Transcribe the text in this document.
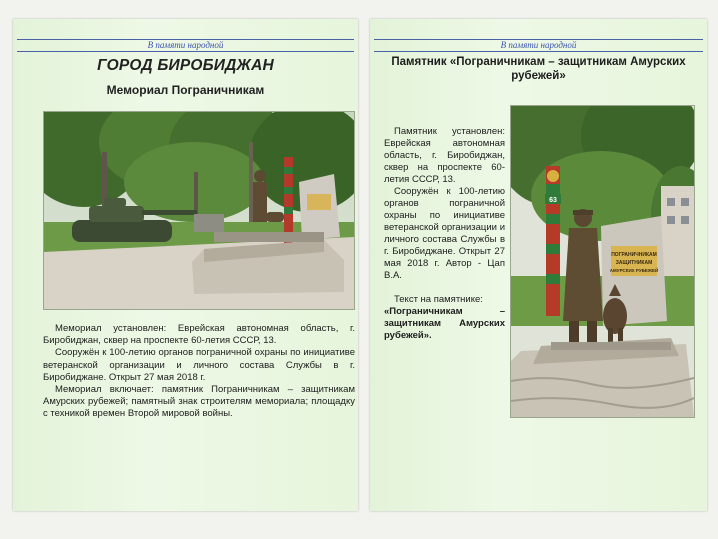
В памяти народной
ГОРОД БИРОБИДЖАН
Мемориал Пограничникам

Мемориал установлен: Еврейская автономная область, г. Биробиджан, сквер на проспекте 60-летия СССР, 13.

Сооружён к 100-летию органов пограничной охраны по инициативе ветеранской организации и личного состава Службы в г. Биробиджане. Открыт 27 мая 2018 г.

Мемориал включает: памятник Пограничникам – защитникам Амурских рубежей; памятный знак строителям мемориала; площадку с техникой времен Второй мировой войны.

В памяти народной
Памятник «Пограничникам – защитникам Амурских рубежей»

Памятник установлен: Еврейская автономная область, г. Биробиджан, сквер на проспекте 60-летия СССР, 13.

Сооружён к 100-летию органов пограничной охраны по инициативе ветеранской организации и личного состава Службы в г. Биробиджане. Открыт 27 мая 2018 г. Автор - Цап В.А.

Текст на памятнике:

«Пограничникам – защитникам Амурских рубежей».

63
ПОГРАНИЧНИКАМ
ЗАЩИТНИКАМ
АМУРСКИХ РУБЕЖЕЙ
